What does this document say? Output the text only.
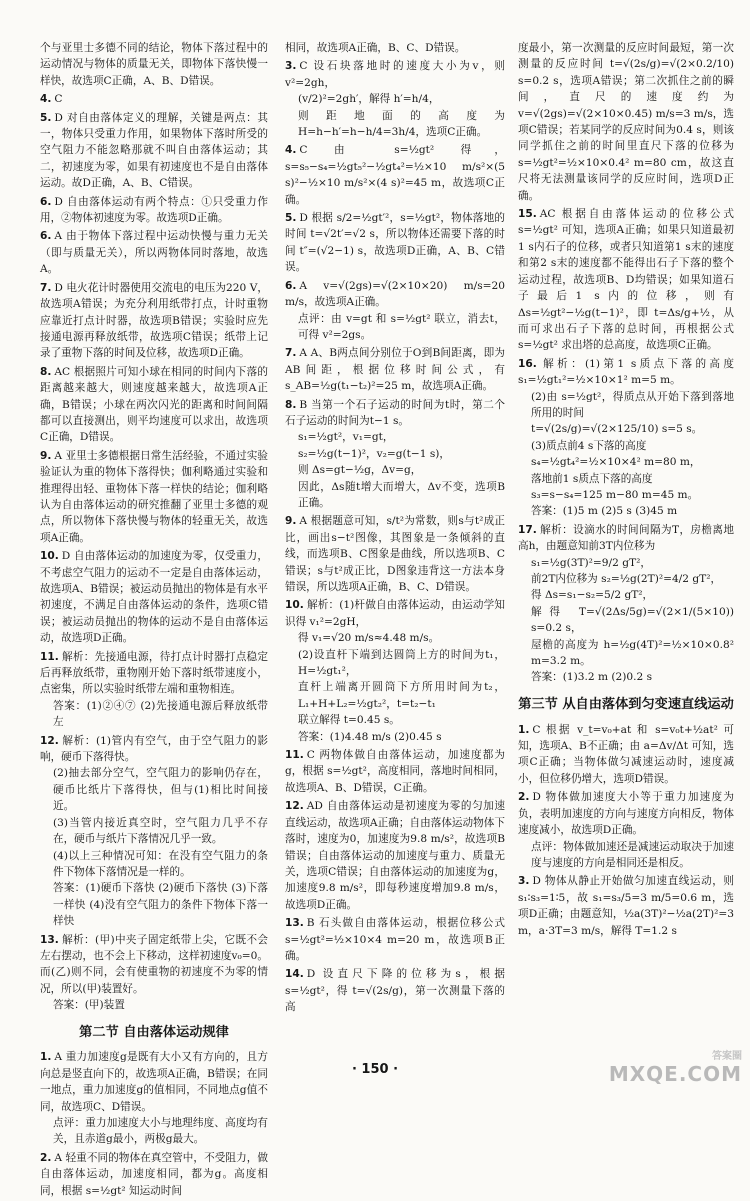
个与亚里士多德不同的结论，物体下落过程中的运动情况与物体的质量无关，即物体下落快慢一样快，故选项C正确，A、B、D错误。

4. C

5. D 对自由落体定义的理解，关键是两点：其一，物体只受重力作用，如果物体下落时所受的空气阻力不能忽略那就不叫自由落体运动；其二，初速度为零，如果有初速度也不是自由落体运动。故D正确，A、B、C错误。

6. D 自由落体运动有两个特点：①只受重力作用，②物体初速度为零。故选项D正确。

6. A 由于物体下落过程中运动快慢与重力无关（即与质量无关），所以两物体同时落地，故选A。

7. D 电火花计时器使用交流电的电压为220 V，故选项A错误；为充分利用纸带打点，计时重物应靠近打点计时器，故选项B错误；实验时应先接通电源再释放纸带，故选项C错误；纸带上记录了重物下落的时间及位移，故选项D正确。

8. AC 根据照片可知小球在相同的时间内下落的距离越来越大，则速度越来越大，故选项A正确，B错误；小球在两次闪光的距离和时间间隔都可以直接测出，则平均速度可以求出，故选项C正确，D错误。

9. A 亚里士多德根据日常生活经验，不通过实验验证认为重的物体下落得快；伽利略通过实验和推理得出轻、重物体下落一样快的结论；伽利略认为自由落体运动的研究推翻了亚里士多德的观点，所以物体下落快慢与物体的轻重无关，故选项A正确。

10. D 自由落体运动的加速度为零，仅受重力，不考虑空气阻力的运动不一定是自由落体运动，故选项A、B错误；被运动员抛出的物体是有水平初速度，不满足自由落体运动的条件，选项C错误；被运动员抛出的物体的运动不是自由落体运动，故选项D正确。

11. 解析：先接通电源，待打点计时器打点稳定后再释放纸带，重物刚开始下落时纸带速度小，点密集，所以实验时纸带左端和重物相连。

答案：(1)②④⑦ (2)先接通电源后释放纸带 左

12. 解析：(1)管内有空气，由于空气阻力的影响，硬币下落得快。

(2)抽去部分空气，空气阻力的影响仍存在，硬币比纸片下落得快，但与(1)相比时间接近。

(3)当管内接近真空时，空气阻力几乎不存在，硬币与纸片下落情况几乎一致。

(4)以上三种情况可知：在没有空气阻力的条件下物体下落情况是一样的。

答案：(1)硬币下落快 (2)硬币下落快 (3)下落一样快 (4)没有空气阻力的条件下物体下落一样快

13. 解析：(甲)中夹子固定纸带上尖，它既不会左右摆动，也不会上下移动，这样初速度v₀=0。而(乙)则不同，会有使重物的初速度不为零的情况，所以(甲)装置好。

答案：(甲)装置

第二节 自由落体运动规律

1. A 重力加速度g是既有大小又有方向的，且方向总是竖直向下的，故选项A正确，B错误；在同一地点，重力加速度g的值相同，不同地点g值不同，故选项C、D错误。

点评：重力加速度大小与地理纬度、高度均有关，且赤道g最小，两极g最大。

2. A 轻重不同的物体在真空管中，不受阻力，做自由落体运动，加速度相同，都为g。高度相同，根据 s=½gt² 知运动时间

相同，故选项A正确，B、C、D错误。

3. C 设石块落地时的速度大小为v，则 v²=2gh，

(v/2)²=2gh′，解得 h′=h/4，

则距地面的高度为 H=h−h′=h−h/4=3h/4，选项C正确。

4. C 由 s=½gt² 得，s=s₅−s₄=½gt₅²−½gt₄²=½×10 m/s²×(5 s)²−½×10 m/s²×(4 s)²=45 m，故选项C正确。

5. D 根据 s/2=½gt′²，s=½gt²，物体落地的时间 t=√2t′=√2 s，所以物体还需要下落的时间 t″=(√2−1) s，故选项D正确，A、B、C错误。

6. A v=√(2gs)=√(2×10×20) m/s=20 m/s，故选项A正确。

点评：由 v=gt 和 s=½gt² 联立，消去t，可得 v²=2gs。

7. A A、B两点间分别位于O到B间距离，即为AB间距，根据位移时间公式，有 s_AB=½g(t₁−t₂)²=25 m，故选项A正确。

8. B 当第一个石子运动的时间为t时，第二个石子运动的时间为t−1 s。

s₁=½gt²，v₁=gt，

s₂=½g(t−1)²，v₂=g(t−1 s)，

则 Δs=gt−½g，Δv=g，

因此，Δs随t增大而增大，Δv不变，选项B正确。

9. A 根据题意可知，s/t²为常数，则s与t²成正比，画出s−t²图像，其图象是一条倾斜的直线，而选项B、C图象是曲线，所以选项B、C错误；s与t²成正比，D图象违背这一方法本身错误，所以选项A正确，B、C、D错误。

10. 解析：(1)杆做自由落体运动，由运动学知识得 v₁²=2gH，

得 v₁=√20 m/s≈4.48 m/s。

(2)设直杆下端到达圆筒上方的时间为t₁，H=½gt₁²，

直杆上端离开圆筒下方所用时间为t₂，L₁+H+L₂=½gt₂²，t=t₂−t₁

联立解得 t=0.45 s。

答案：(1)4.48 m/s (2)0.45 s

11. C 两物体做自由落体运动，加速度都为g，根据 s=½gt²，高度相同，落地时间相同，故选项A、B、D错误，C正确。

12. AD 自由落体运动是初速度为零的匀加速直线运动，故选项A正确；自由落体运动物体下落时，速度为0，加速度为9.8 m/s²，故选项B错误；自由落体运动的加速度与重力、质量无关，选项C错误；自由落体运动的加速度为g，加速度9.8 m/s²，即每秒速度增加9.8 m/s，故选项D正确。

13. B 石头做自由落体运动，根据位移公式 s=½gt²=½×10×4 m=20 m，故选项B正确。

14. D 设直尺下降的位移为s，根据 s=½gt²，得 t=√(2s/g)，第一次测量下落的高

度最小，第一次测量的反应时间最短，第一次测量的反应时间 t=√(2s/g)=√(2×0.2/10) s=0.2 s，选项A错误；第二次抓住之前的瞬间，直尺的速度约为 v=√(2gs)=√(2×10×0.45) m/s=3 m/s，选项C错误；若某同学的反应时间为0.4 s，则该同学抓住之前的时间里直尺下落的位移为 s=½gt²=½×10×0.4² m=80 cm，故这直尺将无法测量该同学的反应时间，选项D正确。

15. AC 根据自由落体运动的位移公式 s=½gt² 可知，选项A正确；如果只知道最初1 s内石子的位移，或者只知道第1 s末的速度和第2 s末的速度都不能得出石子下落的整个运动过程，故选项B、D均错误；如果知道石子最后1 s内的位移，则有 Δs=½gt²−½g(t−1)²，即 t=Δs/g+½，从而可求出石子下落的总时间，再根据公式 s=½gt² 求出塔的总高度，故选项C正确。

16. 解析：(1)第1 s质点下落的高度 s₁=½gt₁²=½×10×1² m=5 m。

(2)由 s=½gt²，得质点从开始下落到落地所用的时间

t=√(2s/g)=√(2×125/10) s=5 s。

(3)质点前4 s下落的高度

s₄=½gt₄²=½×10×4² m=80 m，

落地前1 s质点下落的高度

s₃=s−s₄=125 m−80 m=45 m。

答案：(1)5 m (2)5 s (3)45 m

17. 解析：设滴水的时间间隔为T，房檐离地高h，由题意知前3T内位移为

s₁=½g(3T)²=9/2 gT²，

前2T内位移为 s₂=½g(2T)²=4/2 gT²，

得 Δs=s₁−s₂=5/2 gT²，

解得 T=√(2Δs/5g)=√(2×1/(5×10)) s=0.2 s，

屋檐的高度为 h=½g(4T)²=½×10×0.8² m=3.2 m。

答案：(1)3.2 m (2)0.2 s

第三节 从自由落体到匀变速直线运动

1. C 根据 v_t=v₀+at 和 s=v₀t+½at² 可知，选项A、B不正确；由 a=Δv/Δt 可知，选项C正确；当物体做匀减速运动时，速度减小，但位移仍增大，选项D错误。

2. D 物体做加速度大小等于重力加速度为负，表明加速度的方向与速度方向相反，物体速度减小，故选项D正确。

点评：物体做加速还是减速运动取决于加速度与速度的方向是相同还是相反。

3. D 物体从静止开始做匀加速直线运动，则 s₁∶s₃=1∶5，故 s₁=s₃/5=3 m/5=0.6 m，选项D正确；由题意知，½a(3T)²−½a(2T)²=3 m，a·3T=3 m/s，解得 T=1.2 s

· 150 ·
答案圈
MXQE.COM
